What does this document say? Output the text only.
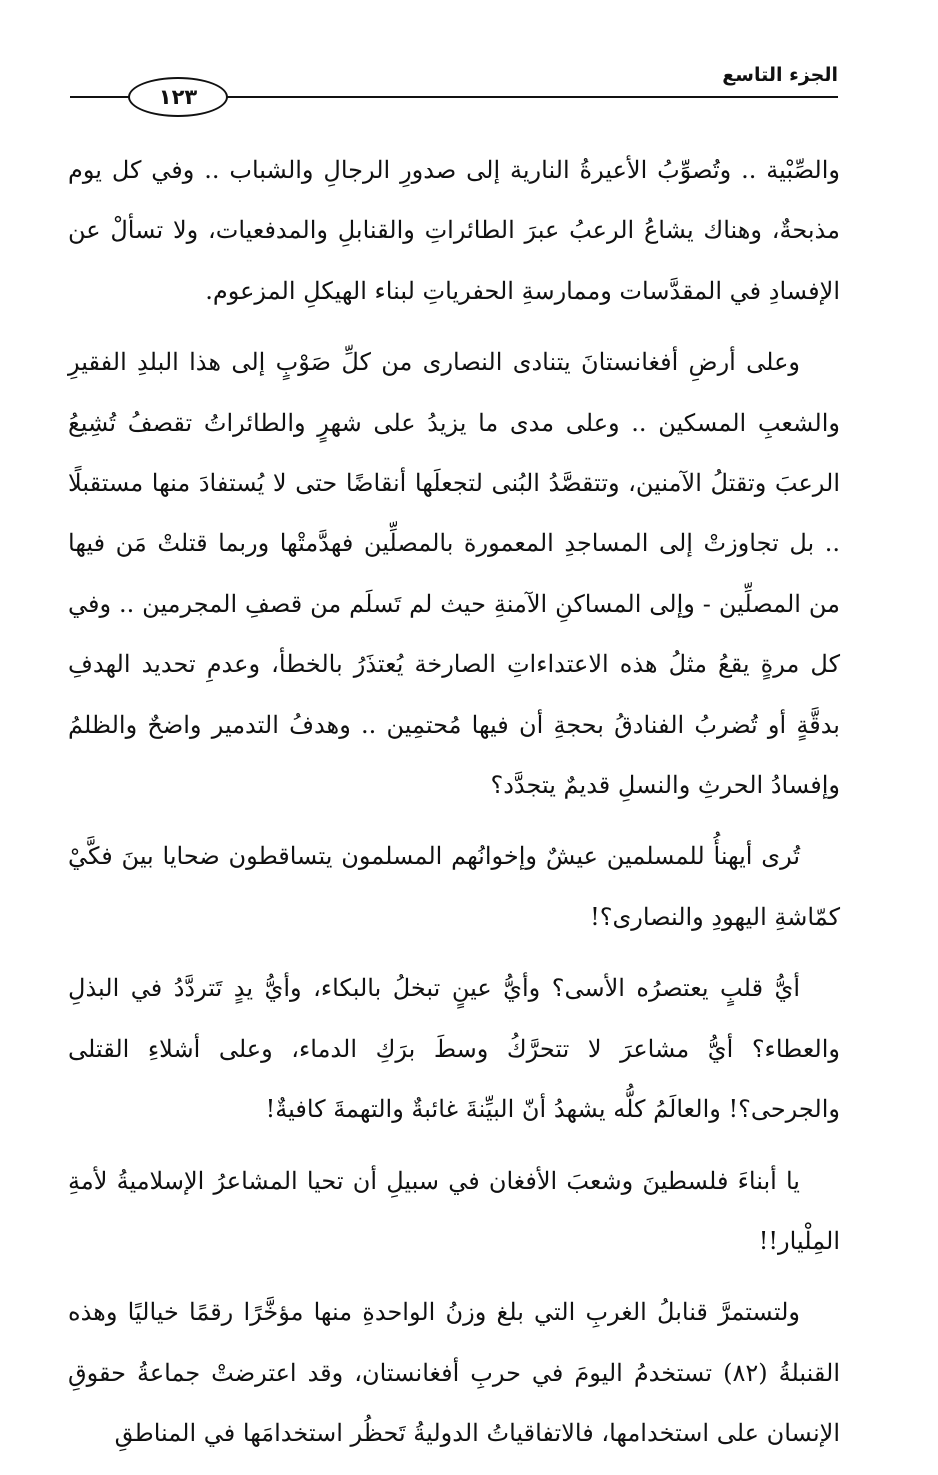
١٢٣
الجزء التاسع

والصِّبْية .. وتُصوِّبُ الأعيرةُ النارية إلى صدورِ الرجالِ والشباب .. وفي كل يوم مذبحةٌ، وهناك يشاعُ الرعبُ عبرَ الطائراتِ والقنابلِ والمدفعيات، ولا تسألْ عن الإفسادِ في المقدَّسات وممارسةِ الحفرياتِ لبناء الهيكلِ المزعوم.

وعلى أرضِ أفغانستانَ يتنادى النصارى من كلِّ صَوْبٍ إلى هذا البلدِ الفقيرِ والشعبِ المسكين .. وعلى مدى ما يزيدُ على شهرٍ والطائراتُ تقصفُ تُشِيعُ الرعبَ وتقتلُ الآمنين، وتتقصَّدُ البُنى لتجعلَها أنقاضًا حتى لا يُستفادَ منها مستقبلًا .. بل تجاوزتْ إلى المساجدِ المعمورة بالمصلِّين فهدَّمتْها وربما قتلتْ مَن فيها من المصلِّين - وإلى المساكنِ الآمنةِ حيث لم تَسلَم من قصفِ المجرمين .. وفي كل مرةٍ يقعُ مثلُ هذه الاعتداءاتِ الصارخة يُعتذَرُ بالخطأ، وعدمِ تحديد الهدفِ بدقَّةٍ أو تُضربُ الفنادقُ بحجةِ أن فيها مُحتمِين .. وهدفُ التدمير واضحٌ والظلمُ وإفسادُ الحرثِ والنسلِ قديمٌ يتجدَّد؟

تُرى أيهنأُ للمسلمين عيشٌ وإخوانُهم المسلمون يتساقطون ضحايا بينَ فكَّيْ كمّاشةِ اليهودِ والنصارى؟!

أيُّ قلبٍ يعتصرُه الأسى؟ وأيُّ عينٍ تبخلُ بالبكاء، وأيُّ يدٍ تَتردَّدُ في البذلِ والعطاء؟ أيُّ مشاعرَ لا تتحرَّكُ وسطَ برَكِ الدماء، وعلى أشلاءِ القتلى والجرحى؟! والعالَمُ كلُّه يشهدُ أنّ البيِّنةَ غائبةٌ والتهمةَ كافيةٌ!

يا أبناءَ فلسطينَ وشعبَ الأفغان في سبيلِ أن تحيا المشاعرُ الإسلاميةُ لأمةِ المِلْيار!!

ولتستمرَّ قنابلُ الغربِ التي بلغ وزنُ الواحدةِ منها مؤخَّرًا رقمًا خياليًا وهذه القنبلةُ (٨٢) تستخدمُ اليومَ في حربِ أفغانستان، وقد اعترضتْ جماعةُ حقوقِ الإنسان على استخدامها، فالاتفاقياتُ الدوليةُ تَحظُر استخدامَها في المناطقِ
